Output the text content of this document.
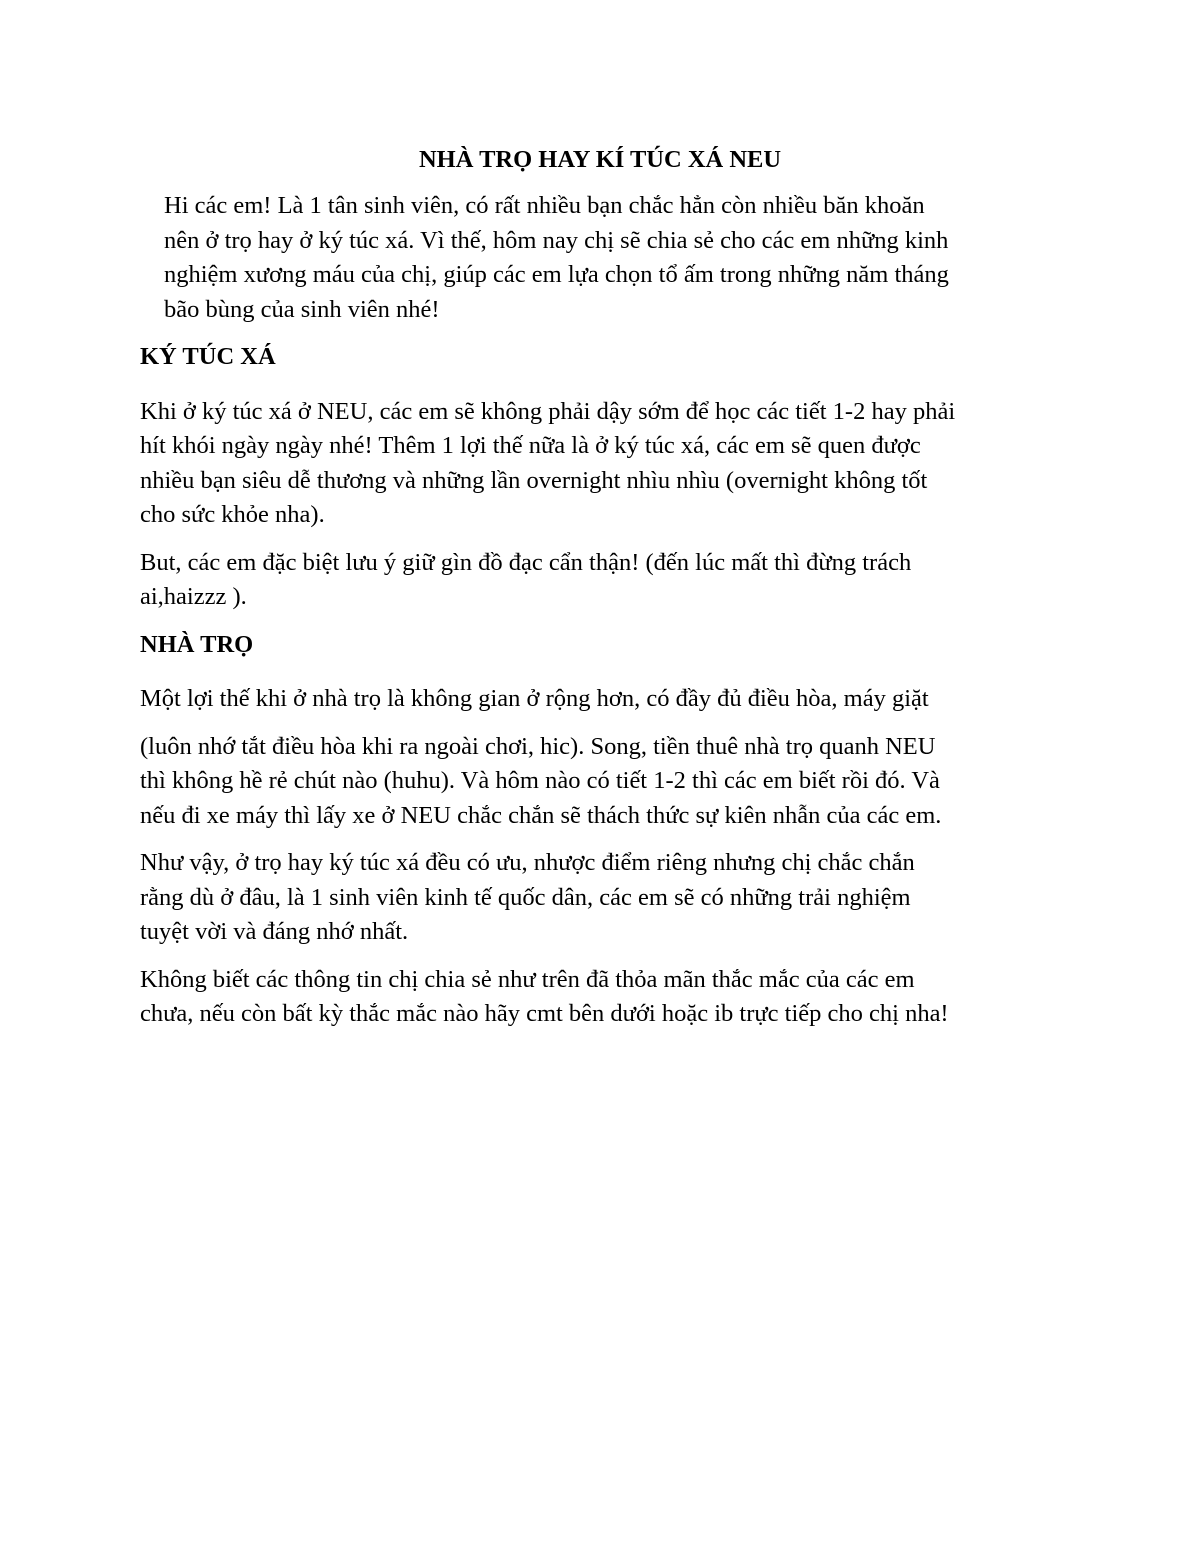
NHÀ TRỌ HAY KÍ TÚC XÁ NEU

Hi các em! Là 1 tân sinh viên, có rất nhiều bạn chắc hẳn còn nhiều băn khoăn
nên ở trọ hay ở ký túc xá. Vì thế, hôm nay chị sẽ chia sẻ cho các em những kinh
nghiệm xương máu của chị, giúp các em lựa chọn tổ ấm trong những năm tháng
bão bùng của sinh viên nhé!

KÝ TÚC XÁ

Khi ở ký túc xá ở NEU, các em sẽ không phải dậy sớm để học các tiết 1-2 hay phải
hít khói ngày ngày nhé! Thêm 1 lợi thế nữa là ở ký túc xá, các em sẽ quen được
nhiều bạn siêu dễ thương và những lần overnight nhìu nhìu (overnight không tốt
cho sức khỏe nha).

But, các em đặc biệt lưu ý giữ gìn đồ đạc cẩn thận! (đến lúc mất thì đừng trách
ai,haizzz ).

NHÀ TRỌ

Một lợi thế khi ở nhà trọ là không gian ở rộng hơn, có đầy đủ điều hòa, máy giặt

(luôn nhớ tắt điều hòa khi ra ngoài chơi, hic). Song, tiền thuê nhà trọ quanh NEU
thì không hề rẻ chút nào (huhu). Và hôm nào có tiết 1-2 thì các em biết rồi đó. Và
nếu đi xe máy thì lấy xe ở NEU chắc chắn sẽ thách thức sự kiên nhẫn của các em.

Như vậy, ở trọ hay ký túc xá đều có ưu, nhược điểm riêng nhưng chị chắc chắn
rằng dù ở đâu, là 1 sinh viên kinh tế quốc dân, các em sẽ có những trải nghiệm
tuyệt vời và đáng nhớ nhất.

Không biết các thông tin chị chia sẻ như trên đã thỏa mãn thắc mắc của các em
chưa, nếu còn bất kỳ thắc mắc nào hãy cmt bên dưới hoặc ib trực tiếp cho chị nha!
